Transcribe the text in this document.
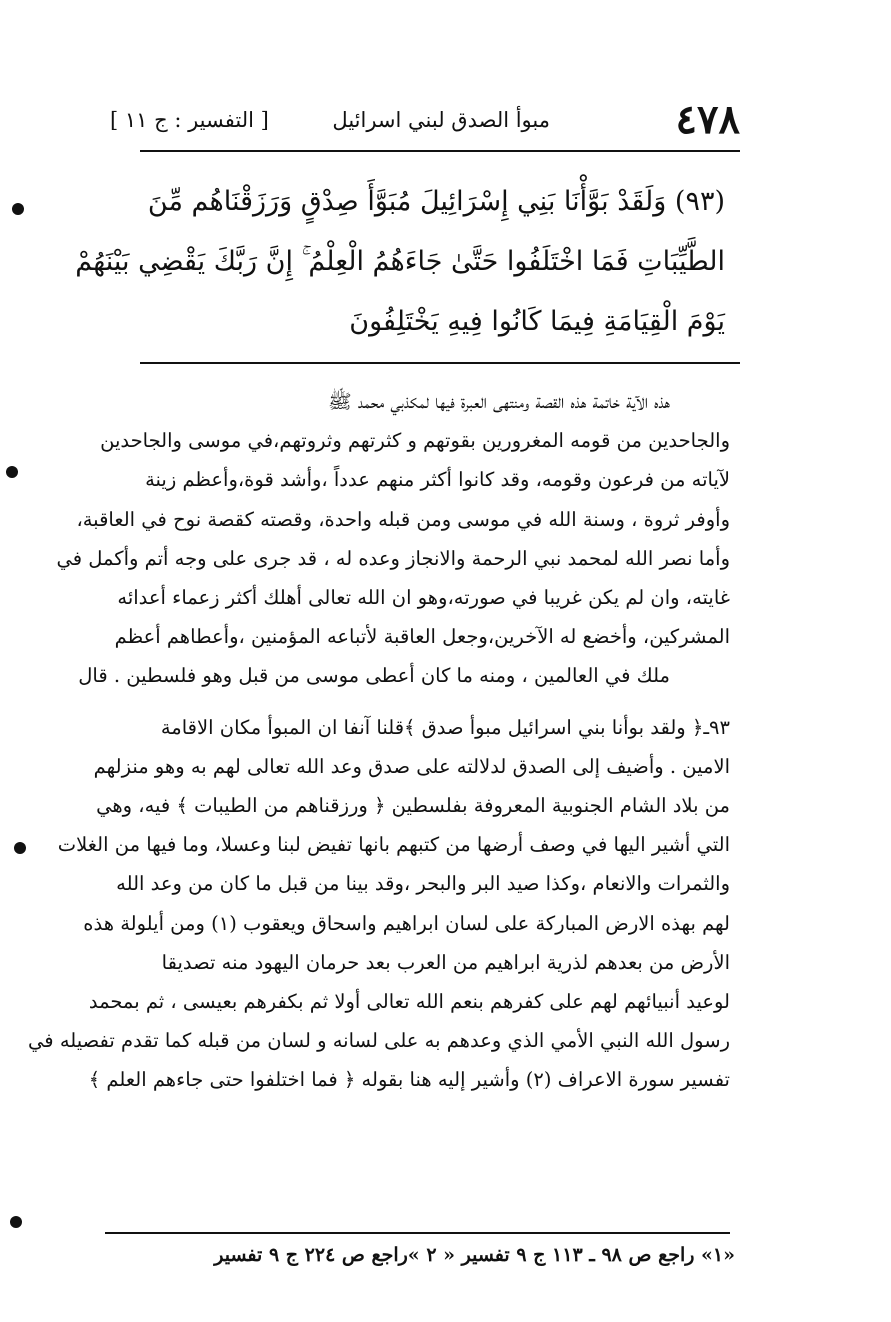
٤٧٨
مبوأ الصدق لبني اسرائيل
[ التفسير : ج ١١ ]
(٩٣) وَلَقَدْ بَوَّأْنَا بَنِي إِسْرَائِيلَ مُبَوَّأَ صِدْقٍ وَرَزَقْنَاهُم مِّنَ
الطَّيِّبَاتِ فَمَا اخْتَلَفُوا حَتَّىٰ جَاءَهُمُ الْعِلْمُ ۚ إِنَّ رَبَّكَ يَقْضِي بَيْنَهُمْ
يَوْمَ الْقِيَامَةِ فِيمَا كَانُوا فِيهِ يَخْتَلِفُونَ
هذه الآية خاتمة هذه القصة ومنتهى العبرة فيها لمكذبي محمد ﷺ
والجاحدين من قومه المغرورين بقوتهم و كثرتهم وثروتهم،في موسى والجاحدين
لآياته من فرعون وقومه، وقد كانوا أكثر منهم عدداً ،وأشد قوة،وأعظم زينة
وأوفر ثروة ، وسنة الله في موسى ومن قبله واحدة، وقصته كقصة نوح في العاقبة،
وأما نصر الله لمحمد نبي الرحمة والانجاز وعده له ، قد جرى على وجه أتم وأكمل في
غايته، وان لم يكن غريبا في صورته،وهو ان الله تعالى أهلك أكثر زعماء أعدائه
المشركين، وأخضع له الآخرين،وجعل العاقبة لأتباعه المؤمنين ،وأعطاهم أعظم
ملك في العالمين ، ومنه ما كان أعطى موسى من قبل وهو فلسطين . قال
٩٣ـ﴿ ولقد بوأنا بني اسرائيل مبوأ صدق ﴾قلنا آنفا ان المبوأ مكان الاقامة
الامين . وأضيف إلى الصدق لدلالته على صدق وعد الله تعالى لهم به وهو منزلهم
من بلاد الشام الجنوبية المعروفة بفلسطين ﴿ ورزقناهم من الطيبات ﴾ فيه، وهي
التي أشير اليها في وصف أرضها من كتبهم بانها تفيض لبنا وعسلا، وما فيها من الغلات
والثمرات والانعام ،وكذا صيد البر والبحر ،وقد بينا من قبل ما كان من وعد الله
لهم بهذه الارض المباركة على لسان ابراهيم واسحاق ويعقوب (١) ومن أيلولة هذه
الأرض من بعدهم لذرية ابراهيم من العرب بعد حرمان اليهود منه تصديقا
لوعيد أنبيائهم لهم على كفرهم بنعم الله تعالى أولا ثم بكفرهم بعيسى ، ثم بمحمد
رسول الله النبي الأمي الذي وعدهم به على لسانه و لسان من قبله كما تقدم تفصيله في
تفسير سورة الاعراف (٢) وأشير إليه هنا بقوله ﴿ فما اختلفوا حتى جاءهم العلم ﴾
«١» راجع ص ٩٨ ـ ١١٣ ج ٩ تفسير « ٢ »راجع ص ٢٢٤ ج ٩ تفسير
